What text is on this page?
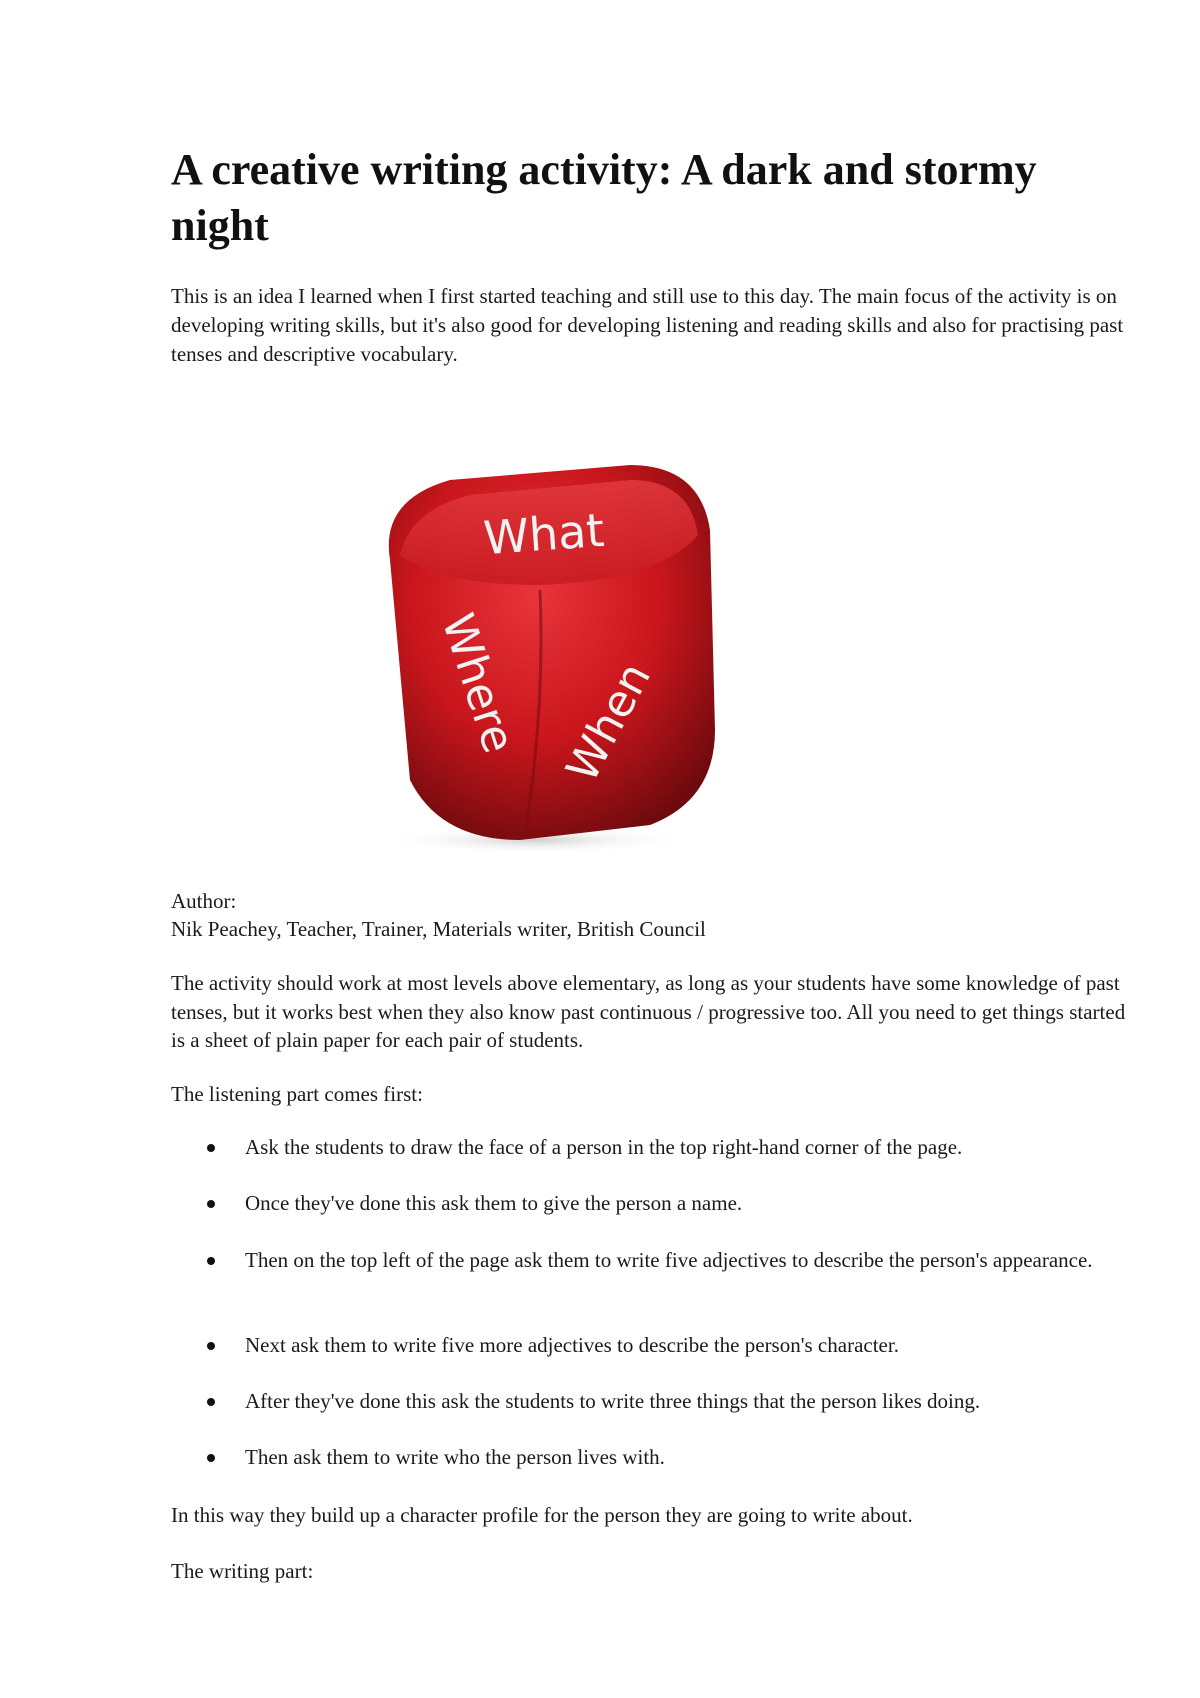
A creative writing activity: A dark and stormy night

This is an idea I learned when I first started teaching and still use to this day. The main focus of the activity is on developing writing skills, but it's also good for developing listening and reading skills and also for practising past tenses and descriptive vocabulary.

What
Where When

Author:

Nik Peachey, Teacher, Trainer, Materials writer, British Council

The activity should work at most levels above elementary, as long as your students have some knowledge of past tenses, but it works best when they also know past continuous / progressive too. All you need to get things started is a sheet of plain paper for each pair of students.

The listening part comes first:

Ask the students to draw the face of a person in the top right-hand corner of the page.
Once they've done this ask them to give the person a name.
Then on the top left of the page ask them to write five adjectives to describe the person's appearance.
Next ask them to write five more adjectives to describe the person's character.
After they've done this ask the students to write three things that the person likes doing.
Then ask them to write who the person lives with.

In this way they build up a character profile for the person they are going to write about.

The writing part:
